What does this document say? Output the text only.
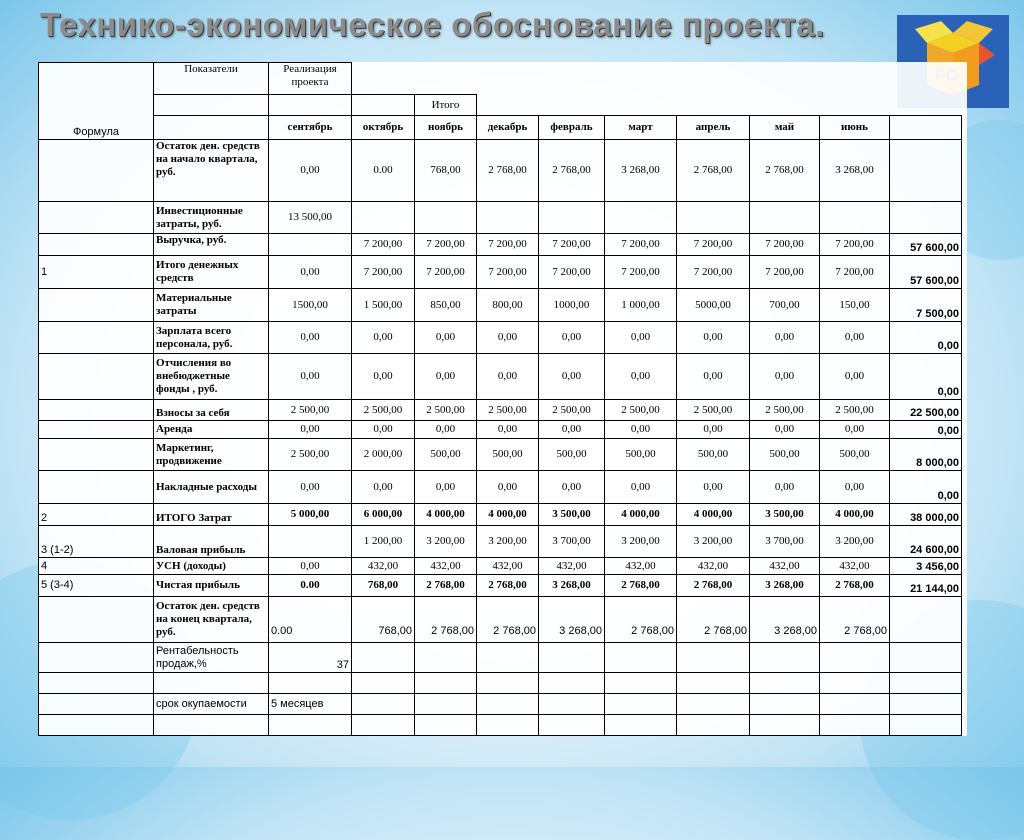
Технико-экономическое обоснование проекта.
Формула	Показатели	Реализация проекта										
				Итого								
		сентябрь	октябрь	ноябрь	декабрь	февраль	март	апрель	май	июнь		
	Остаток ден. средств на начало квартала, руб.	0,00	0.00	768,00	2 768,00	2 768,00	3 268,00	2 768,00	2 768,00	3 268,00		
	Инвестиционные затраты, руб.	13 500,00										
	Выручка, руб.		7 200,00	7 200,00	7 200,00	7 200,00	7 200,00	7 200,00	7 200,00	7 200,00	57 600,00	
1	Итого денежных средств	0,00	7 200,00	7 200,00	7 200,00	7 200,00	7 200,00	7 200,00	7 200,00	7 200,00	57 600,00	
	Материальные затраты	1500,00	1 500,00	850,00	800,00	1000,00	1 000,00	5000,00	700,00	150,00	7 500,00	
	Зарплата всего персонала, руб.	0,00	0,00	0,00	0,00	0,00	0,00	0,00	0,00	0,00	0,00	
	Отчисления во внебюджетные фонды , руб.	0,00	0,00	0,00	0,00	0,00	0,00	0,00	0,00	0,00	0,00	
	Взносы за себя	2 500,00	2 500,00	2 500,00	2 500,00	2 500,00	2 500,00	2 500,00	2 500,00	2 500,00	22 500,00	
	Аренда	0,00	0,00	0,00	0,00	0,00	0,00	0,00	0,00	0,00	0,00	
	Маркетинг, продвижение	2 500,00	2 000,00	500,00	500,00	500,00	500,00	500,00	500,00	500,00	8 000,00	
	Накладные расходы	0,00	0,00	0,00	0,00	0,00	0,00	0,00	0,00	0,00	0,00	
2	ИТОГО Затрат	5 000,00	6 000,00	4 000,00	4 000,00	3 500,00	4 000,00	4 000,00	3 500,00	4 000,00	38 000,00	
3 (1-2)	Валовая прибыль		1 200,00	3 200,00	3 200,00	3 700,00	3 200,00	3 200,00	3 700,00	3 200,00	24 600,00	
4	УСН (доходы)	0,00	432,00	432,00	432,00	432,00	432,00	432,00	432,00	432,00	3 456,00	
5 (3-4)	Чистая прибыль	0.00	768,00	2 768,00	2 768,00	3 268,00	2 768,00	2 768,00	3 268,00	2 768,00	21 144,00	
	Остаток ден. средств на конец квартала, руб.	0.00	768,00	2 768,00	2 768,00	3 268,00	2 768,00	2 768,00	3 268,00	2 768,00		
	Рентабельность продаж,%	37										

	срок окупаемости	5 месяцев										
